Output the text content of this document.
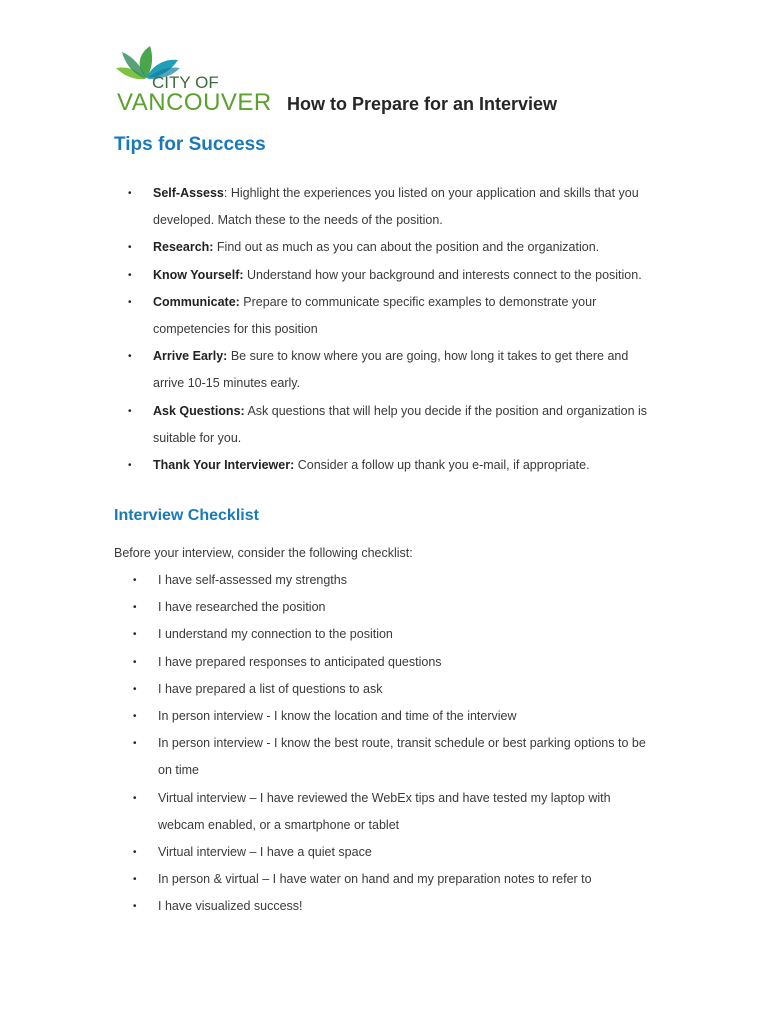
CITY OF
VANCOUVER How to Prepare for an Interview
Tips for Success
• Self-Assess: Highlight the experiences you listed on your application and skills that you developed. Match these to the needs of the position.
• Research: Find out as much as you can about the position and the organization.
• Know Yourself: Understand how your background and interests connect to the position.
• Communicate: Prepare to communicate specific examples to demonstrate your competencies for this position
• Arrive Early: Be sure to know where you are going, how long it takes to get there and arrive 10-15 minutes early.
• Ask Questions: Ask questions that will help you decide if the position and organization is suitable for you.
• Thank Your Interviewer: Consider a follow up thank you e-mail, if appropriate.
Interview Checklist
Before your interview, consider the following checklist:
• I have self-assessed my strengths
• I have researched the position
• I understand my connection to the position
• I have prepared responses to anticipated questions
• I have prepared a list of questions to ask
• In person interview - I know the location and time of the interview
• In person interview - I know the best route, transit schedule or best parking options to be on time
• Virtual interview – I have reviewed the WebEx tips and have tested my laptop with webcam enabled, or a smartphone or tablet
• Virtual interview – I have a quiet space
• In person & virtual – I have water on hand and my preparation notes to refer to
• I have visualized success!
